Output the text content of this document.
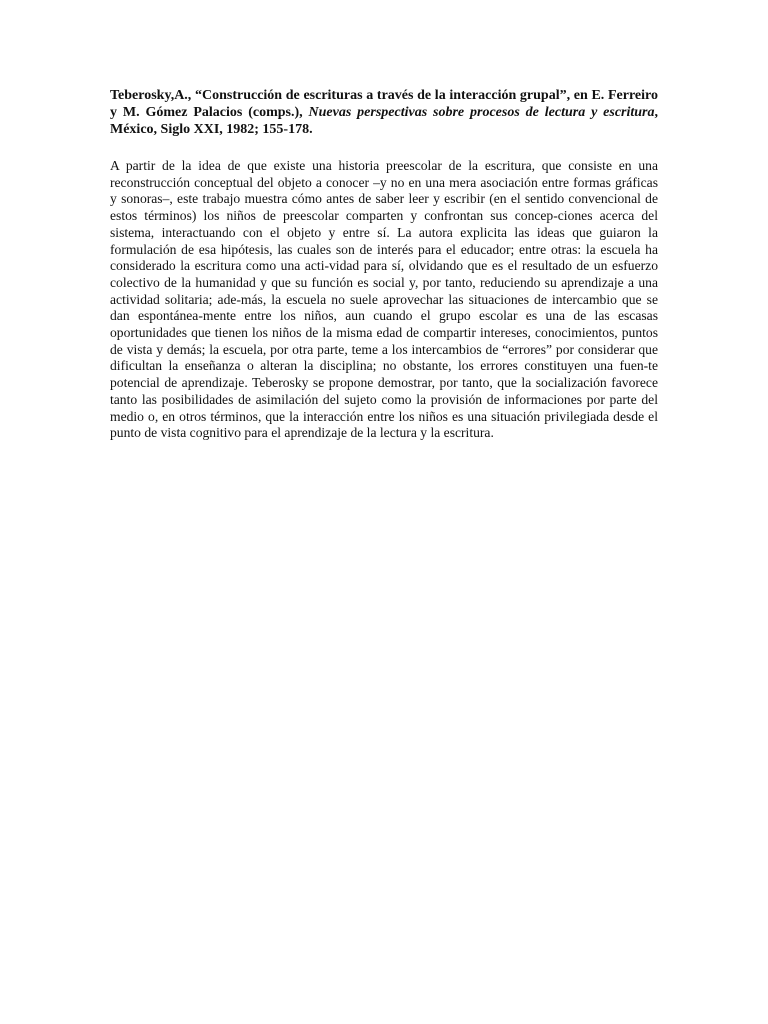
Teberosky,A., “Construcción de escrituras a través de la interacción grupal”, en E. Ferreiro y M. Gómez Palacios (comps.), Nuevas perspectivas sobre procesos de lectura y escritura, México, Siglo XXI, 1982; 155-178.

A partir de la idea de que existe una historia preescolar de la escritura, que consiste en una reconstrucción conceptual del objeto a conocer –y no en una mera asociación entre formas gráficas y sonoras–, este trabajo muestra cómo antes de saber leer y escribir (en el sentido convencional de estos términos) los niños de preescolar comparten y confrontan sus concep-ciones acerca del sistema, interactuando con el objeto y entre sí. La autora explicita las ideas que guiaron la formulación de esa hipótesis, las cuales son de interés para el educador; entre otras: la escuela ha considerado la escritura como una acti-vidad para sí, olvidando que es el resultado de un esfuerzo colectivo de la humanidad y que su función es social y, por tanto, reduciendo su aprendizaje a una actividad solitaria; ade-más, la escuela no suele aprovechar las situaciones de intercambio que se dan espontánea-mente entre los niños, aun cuando el grupo escolar es una de las escasas oportunidades que tienen los niños de la misma edad de compartir intereses, conocimientos, puntos de vista y demás; la escuela, por otra parte, teme a los intercambios de “errores” por considerar que dificultan la enseñanza o alteran la disciplina; no obstante, los errores constituyen una fuen-te potencial de aprendizaje. Teberosky se propone demostrar, por tanto, que la socialización favorece tanto las posibilidades de asimilación del sujeto como la provisión de informaciones por parte del medio o, en otros términos, que la interacción entre los niños es una situación privilegiada desde el punto de vista cognitivo para el aprendizaje de la lectura y la escritura.
